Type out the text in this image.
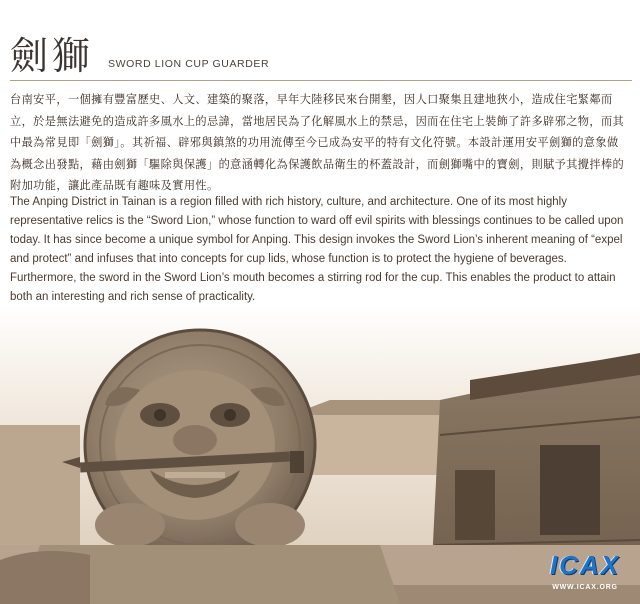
劍獅 SWORD LION CUP GUARDER

台南安平，一個擁有豐富歷史、人文、建築的聚落，早年大陸移民來台開墾，因人口聚集且建地狹小，造成住宅緊鄰而立，於是無法避免的造成許多風水上的忌諱，當地居民為了化解風水上的禁忌，因而在住宅上裝飾了許多辟邪之物，而其中最為常見即「劍獅」。其祈福、辟邪與鎮煞的功用流傳至今已成為安平的特有文化符號。本設計運用安平劍獅的意象做為概念出發點，藉由劍獅「驅除與保護」的意涵轉化為保護飲品衛生的杯蓋設計，而劍獅嘴中的寶劍，則賦予其攪拌棒的附加功能，讓此產品既有趣味及實用性。

The Anping District in Tainan is a region filled with rich history, culture, and architecture. One of its most highly representative relics is the “Sword Lion,” whose function to ward off evil spirits with blessings continues to be called upon today. It has since become a unique symbol for Anping. This design invokes the Sword Lion’s inherent meaning of “expel and protect” and infuses that into concepts for cup lids, whose function is to protect the hygiene of beverages. Furthermore, the sword in the Sword Lion’s mouth becomes a stirring rod for the cup. This enables the product to attain both an interesting and rich sense of practicality.

ICAX
WWW.ICAX.ORG
